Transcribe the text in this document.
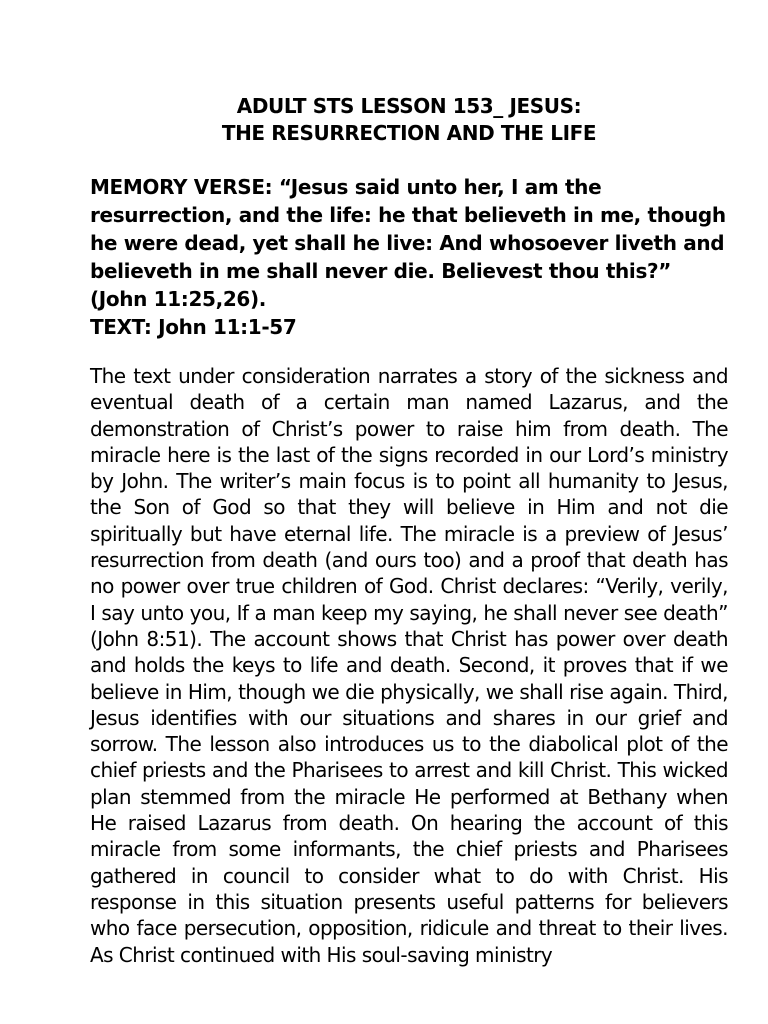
ADULT STS LESSON 153_ JESUS:
THE RESURRECTION AND THE LIFE

MEMORY VERSE: “Jesus said unto her, I am the resurrection, and the life: he that believeth in me, though he were dead, yet shall he live: And whosoever liveth and believeth in me shall never die. Believest thou this?” (John 11:25,26).

TEXT: John 11:1-57

The text under consideration narrates a story of the sickness and eventual death of a certain man named Lazarus, and the demonstration of Christ’s power to raise him from death. The miracle here is the last of the signs recorded in our Lord’s ministry by John. The writer’s main focus is to point all humanity to Jesus, the Son of God so that they will believe in Him and not die spiritually but have eternal life. The miracle is a preview of Jesus’ resurrection from death (and ours too) and a proof that death has no power over true children of God. Christ declares: “Verily, verily, I say unto you, If a man keep my saying, he shall never see death” (John 8:51). The account shows that Christ has power over death and holds the keys to life and death. Second, it proves that if we believe in Him, though we die physically, we shall rise again. Third, Jesus identifies with our situations and shares in our grief and sorrow. The lesson also introduces us to the diabolical plot of the chief priests and the Pharisees to arrest and kill Christ. This wicked plan stemmed from the miracle He performed at Bethany when He raised Lazarus from death. On hearing the account of this miracle from some informants, the chief priests and Pharisees gathered in council to consider what to do with Christ. His response in this situation presents useful patterns for believers who face persecution, opposition, ridicule and threat to their lives. As Christ continued with His soul-saving ministry
